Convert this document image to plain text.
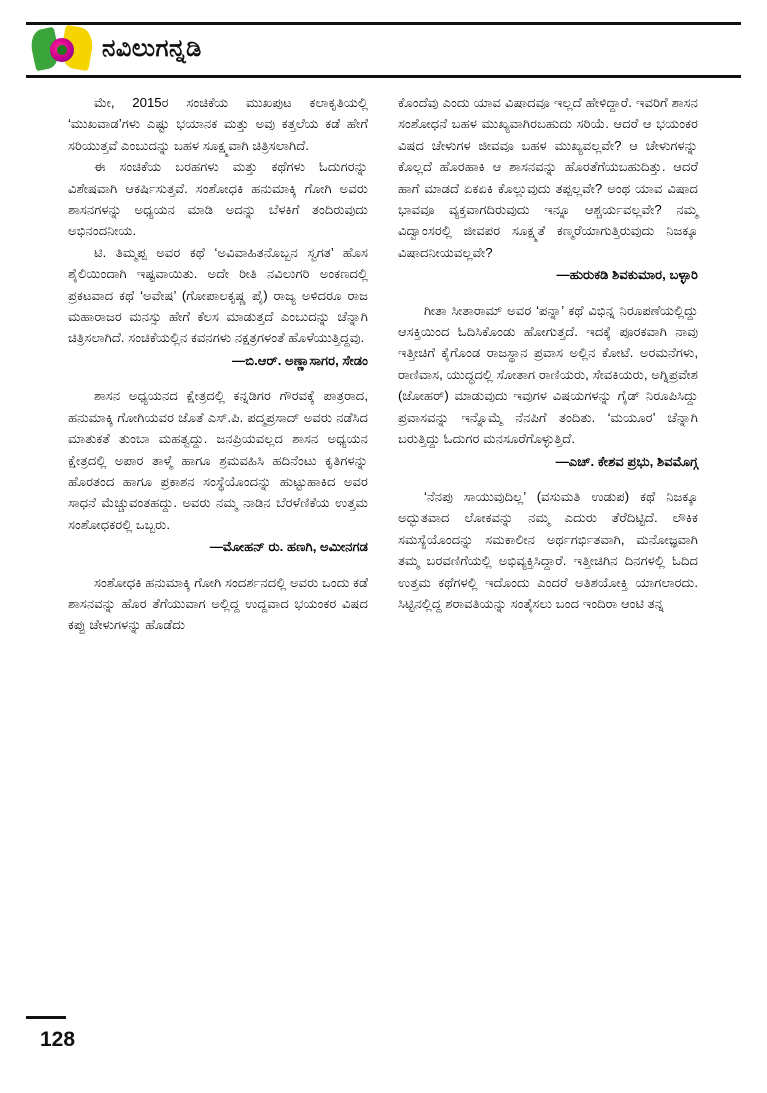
ನವಿಲುಗನ್ನಡಿ

ಮೇ, 2015ರ ಸಂಚಿಕೆಯ ಮುಖಪುಟ ಕಲಾಕೃತಿಯಲ್ಲಿ ‘ಮುಖವಾಡ’ಗಳು ಎಷ್ಟು ಭಯಾನಕ ಮತ್ತು ಅವು ಕತ್ತಲೆಯ ಕಡೆ ಹೇಗೆ ಸರಿಯುತ್ತವೆ ಎಂಬುದನ್ನು ಬಹಳ ಸೂಕ್ಷ್ಮವಾಗಿ ಚಿತ್ರಿಸಲಾಗಿದೆ.

ಈ ಸಂಚಿಕೆಯ ಬರಹಗಳು ಮತ್ತು ಕಥೆಗಳು ಓದುಗರನ್ನು ವಿಶೇಷವಾಗಿ ಆಕರ್ಷಿಸುತ್ತವೆ. ಸಂಶೋಧಕಿ ಹನುಮಾಕ್ಕಿ ಗೋಗಿ ಅವರು ಶಾಸನಗಳನ್ನು ಅಧ್ಯಯನ ಮಾಡಿ ಅದನ್ನು ಬೆಳಕಿಗೆ ತಂದಿರುವುದು ಅಭಿನಂದನೀಯ.

ಟಿ. ತಿಮ್ಮಪ್ಪ ಅವರ ಕಥೆ ‘ಅವಿವಾಹಿತನೊಬ್ಬನ ಸ್ವಗತ’ ಹೊಸ ಶೈಲಿಯಿಂದಾಗಿ ಇಷ್ಟವಾಯಿತು. ಅದೇ ರೀತಿ ನವಿಲುಗರಿ ಅಂಕಣದಲ್ಲಿ ಪ್ರಕಟವಾದ ಕಥೆ ‘ಅವೇಷ’ (ಗೋಪಾಲಕೃಷ್ಣ ಪೈ) ರಾಜ್ಯ ಅಳಿದರೂ ರಾಜ ಮಹಾರಾಜರ ಮನಸ್ಸು ಹೇಗೆ ಕೆಲಸ ಮಾಡುತ್ತದೆ ಎಂಬುದನ್ನು ಚೆನ್ನಾಗಿ ಚಿತ್ರಿಸಲಾಗಿದೆ. ಸಂಚಿಕೆಯಲ್ಲಿನ ಕವನಗಳು ನಕ್ಷತ್ರಗಳಂತೆ ಹೊಳೆಯುತ್ತಿದ್ದವು.

—ಬಿ.ಆರ್. ಅಣ್ಣಾಸಾಗರ, ಸೇಡಂ

ಶಾಸನ ಅಧ್ಯಯನದ ಕ್ಷೇತ್ರದಲ್ಲಿ ಕನ್ನಡಿಗರ ಗೌರವಕ್ಕೆ ಪಾತ್ರರಾದ, ಹನುಮಾಕ್ಕಿ ಗೋಗಿಯವರ ಜೊತೆ ಎಸ್.ಪಿ. ಪದ್ಮಪ್ರಸಾದ್ ಅವರು ನಡೆಸಿದ ಮಾತುಕತೆ ತುಂಬಾ ಮಹತ್ವದ್ದು. ಜನಪ್ರಿಯವಲ್ಲದ ಶಾಸನ ಅಧ್ಯಯನ ಕ್ಷೇತ್ರದಲ್ಲಿ ಅಪಾರ ತಾಳ್ಮೆ ಹಾಗೂ ಶ್ರಮವಹಿಸಿ ಹದಿನೆಂಟು ಕೃತಿಗಳನ್ನು ಹೊರತಂದ ಹಾಗೂ ಪ್ರಕಾಶನ ಸಂಸ್ಥೆಯೊಂದನ್ನು ಹುಟ್ಟುಹಾಕಿದ ಅವರ ಸಾಧನೆ ಮೆಚ್ಚುವಂತಹದ್ದು. ಅವರು ನಮ್ಮ ನಾಡಿನ ಬೆರಳೆಣಿಕೆಯ ಉತ್ತಮ ಸಂಶೋಧಕರಲ್ಲಿ ಒಬ್ಬರು.

—ಮೋಹನ್ ರು. ಹಣಗಿ, ಅಮೀನಗಡ

ಸಂಶೋಧಕಿ ಹನುಮಾಕ್ಕಿ ಗೋಗಿ ಸಂದರ್ಶನದಲ್ಲಿ ಅವರು ಒಂದು ಕಡೆ ಶಾಸನವನ್ನು ಹೊರ ತೆಗೆಯುವಾಗ ಅಲ್ಲಿದ್ದ ಉದ್ದವಾದ ಭಯಂಕರ ವಿಷದ ಕಪ್ಪು ಚೇಳುಗಳನ್ನು ಹೊಡೆದು

ಕೊಂದೆವು ಎಂದು ಯಾವ ವಿಷಾದವೂ ಇಲ್ಲದೆ ಹೇಳಿದ್ದಾರೆ. ಇವರಿಗೆ ಶಾಸನ ಸಂಶೋಧನೆ ಬಹಳ ಮುಖ್ಯವಾಗಿರಬಹುದು ಸರಿಯೆ. ಆದರೆ ಆ ಭಯಂಕರ ವಿಷದ ಚೇಳುಗಳ ಜೀವವೂ ಬಹಳ ಮುಖ್ಯವಲ್ಲವೇ? ಆ ಚೇಳುಗಳನ್ನು ಕೊಲ್ಲದೆ ಹೊರಹಾಕಿ ಆ ಶಾಸನವನ್ನು ಹೊರತೆಗೆಯಬಹುದಿತ್ತು. ಆದರೆ ಹಾಗೆ ಮಾಡದೆ ಏಕಏಕಿ ಕೊಲ್ಲುವುದು ತಪ್ಪಲ್ಲವೇ? ಅಂಥ ಯಾವ ವಿಷಾದ ಭಾವವೂ ವ್ಯಕ್ತವಾಗದಿರುವುದು ಇನ್ನೂ ಆಶ್ಚರ್ಯವಲ್ಲವೇ? ನಮ್ಮ ವಿದ್ವಾಂಸರಲ್ಲಿ ಜೀವಪರ ಸೂಕ್ಷ್ಮತೆ ಕಣ್ಮರೆಯಾಗುತ್ತಿರುವುದು ನಿಜಕ್ಕೂ ವಿಷಾದನೀಯವಲ್ಲವೇ?

—ಹುರುಕಡಿ ಶಿವಕುಮಾರ, ಬಳ್ಳಾರಿ

ಗೀತಾ ಸೀತಾರಾಮ್ ಅವರ ‘ಪನ್ನಾ’ ಕಥೆ ವಿಭಿನ್ನ ನಿರೂಪಣೆಯಲ್ಲಿದ್ದು ಆಸಕ್ತಿಯಿಂದ ಓದಿಸಿಕೊಂಡು ಹೋಗುತ್ತದೆ. ಇದಕ್ಕೆ ಪೂರಕವಾಗಿ ನಾವು ಇತ್ತೀಚಿಗೆ ಕೈಗೊಂಡ ರಾಜಸ್ಥಾನ ಪ್ರವಾಸ ಅಲ್ಲಿನ ಕೋಟೆ. ಅರಮನೆಗಳು, ರಾಣಿವಾಸ, ಯುದ್ಧದಲ್ಲಿ ಸೋತಾಗ ರಾಣಿಯರು, ಸೇವಕಿಯರು, ಅಗ್ನಿಪ್ರವೇಶ (ಜೋಹರ್) ಮಾಡುವುದು ಇವುಗಳ ವಿಷಯಗಳನ್ನು ಗೈಡ್ ನಿರೂಪಿಸಿದ್ದು ಪ್ರವಾಸವನ್ನು ಇನ್ನೊಮ್ಮೆ ನೆನಪಿಗೆ ತಂದಿತು. ‘ಮಯೂರ’ ಚೆನ್ನಾಗಿ ಬರುತ್ತಿದ್ದು ಓದುಗರ ಮನಸೂರೆಗೊಳ್ಳುತ್ತಿದೆ.

—ಎಚ್. ಕೇಶವ ಪ್ರಭು, ಶಿವಮೊಗ್ಗ

‘ನೆನಪು ಸಾಯುವುದಿಲ್ಲ’ (ವಸುಮತಿ ಉಡುಪ) ಕಥೆ ನಿಜಕ್ಕೂ ಅದ್ಭುತವಾದ ಲೋಕವನ್ನು ನಮ್ಮ ಎದುರು ತೆರೆದಿಟ್ಟಿದೆ. ಲೌಕಿಕ ಸಮಸ್ಯೆಯೊಂದನ್ನು ಸಮಕಾಲೀನ ಅರ್ಥಗರ್ಭಿತವಾಗಿ, ಮನೋಜ್ಞವಾಗಿ ತಮ್ಮ ಬರವಣಿಗೆಯಲ್ಲಿ ಅಭಿವ್ಯಕ್ತಿಸಿದ್ದಾರೆ. ಇತ್ತೀಚಿಗಿನ ದಿನಗಳಲ್ಲಿ ಓದಿದ ಉತ್ತಮ ಕಥೆಗಳಲ್ಲಿ ಇದೊಂದು ಎಂದರೆ ಅತಿಶಯೋಕ್ತಿ ಯಾಗಲಾರದು. ಸಿಟ್ಟಿನಲ್ಲಿದ್ದ ಶರಾವತಿಯನ್ನು ಸಂತೈಸಲು ಬಂದ ಇಂದಿರಾ ಆಂಟಿ ತನ್ನ

128
